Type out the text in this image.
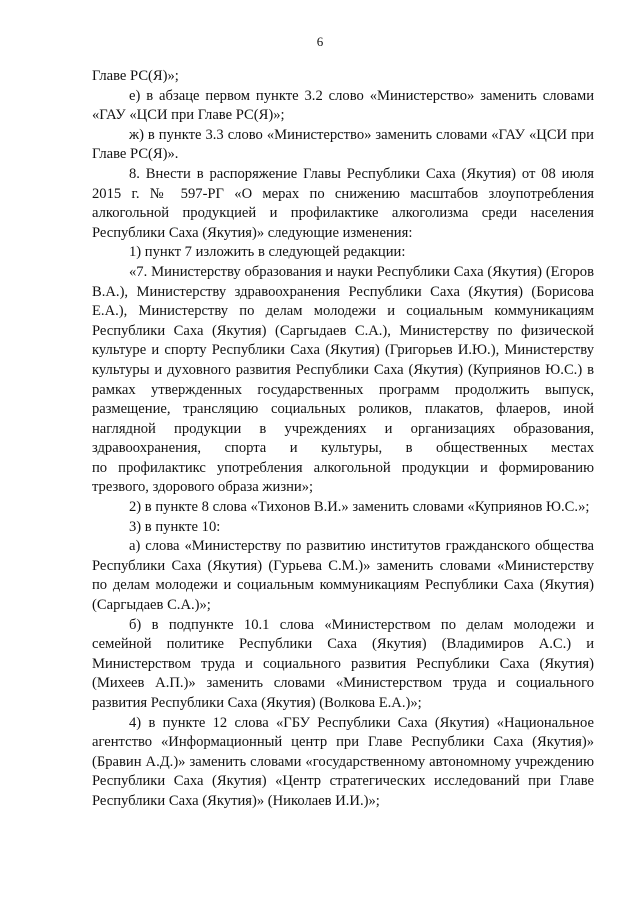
6

Главе РС(Я)»;

е) в абзаце первом пункте 3.2 слово «Министерство» заменить словами «ГАУ «ЦСИ при Главе РС(Я)»;

ж) в пункте 3.3 слово «Министерство» заменить словами «ГАУ «ЦСИ при Главе РС(Я)».

8. Внести в распоряжение Главы Республики Саха (Якутия) от 08 июля 2015 г. № 597-РГ «О мерах по снижению масштабов злоупотребления алкогольной продукцией и профилактике алкоголизма среди населения Республики Саха (Якутия)» следующие изменения:

1) пункт 7 изложить в следующей редакции:

«7. Министерству образования и науки Республики Саха (Якутия) (Егоров В.А.), Министерству здравоохранения Республики Саха (Якутия) (Борисова Е.А.), Министерству по делам молодежи и социальным коммуникациям Республики Саха (Якутия) (Саргыдаев С.А.), Министерству по физической культуре и спорту Республики Саха (Якутия) (Григорьев И.Ю.), Министерству культуры и духовного развития Республики Саха (Якутия) (Куприянов Ю.С.) в рамках утвержденных государственных программ продолжить выпуск, размещение, трансляцию социальных роликов, плакатов, флаеров, иной наглядной продукции в учреждениях и организациях образования, здравоохранения, спорта и культуры, в общественных местах

по профилактикс употребления алкогольной продукции и формированию трезвого, здорового образа жизни»;

2) в пункте 8 слова «Тихонов В.И.» заменить словами «Куприянов Ю.С.»;

3) в пункте 10:

а) слова «Министерству по развитию институтов гражданского общества Республики Саха (Якутия) (Гурьева С.М.)» заменить словами «Министерству по делам молодежи и социальным коммуникациям Республики Саха (Якутия) (Саргыдаев С.А.)»;

б) в подпункте 10.1 слова «Министерством по делам молодежи и семейной политике Республики Саха (Якутия) (Владимиров А.С.) и Министерством труда и социального развития Республики Саха (Якутия) (Михеев А.П.)» заменить словами «Министерством труда и социального развития Республики Саха (Якутия) (Волкова Е.А.)»;

4) в пункте 12 слова «ГБУ Республики Саха (Якутия) «Национальное агентство «Информационный центр при Главе Республики Саха (Якутия)» (Бравин А.Д.)» заменить словами «государственному автономному учреждению Республики Саха (Якутия) «Центр стратегических исследований при Главе Республики Саха (Якутия)» (Николаев И.И.)»;
